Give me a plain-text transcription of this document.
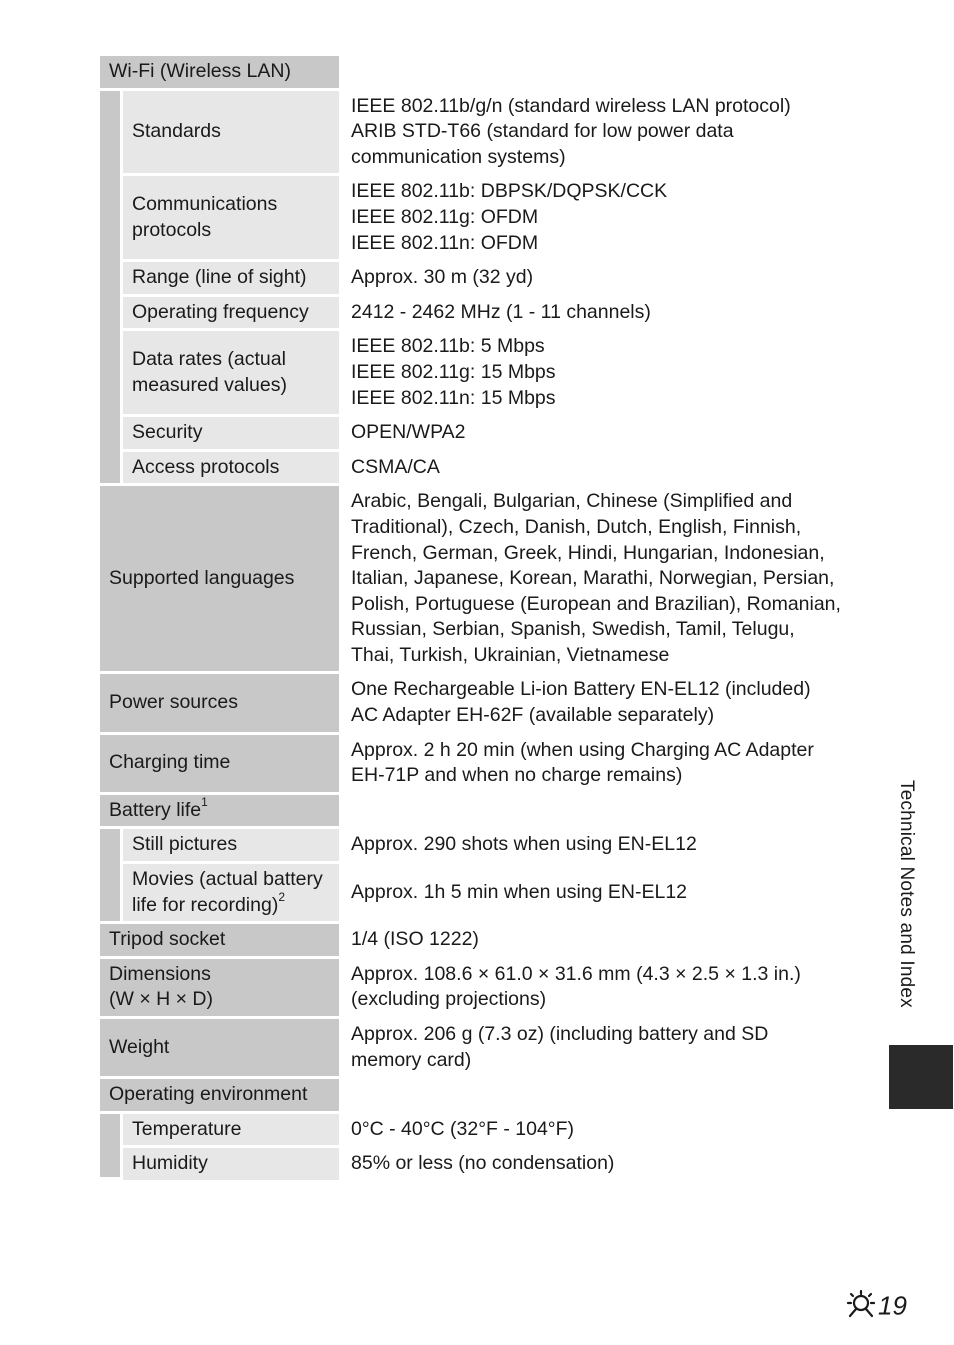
Wi-Fi (Wireless LAN)		
	Standards	IEEE 802.11b/g/n (standard wireless LAN protocol)
ARIB STD-T66 (standard for low power data communication systems)
	Communications protocols	IEEE 802.11b: DBPSK/DQPSK/CCK
IEEE 802.11g: OFDM
IEEE 802.11n: OFDM
	Range (line of sight)	Approx. 30 m (32 yd)
	Operating frequency	2412 - 2462 MHz (1 - 11 channels)
	Data rates (actual measured values)	IEEE 802.11b: 5 Mbps
IEEE 802.11g: 15 Mbps
IEEE 802.11n: 15 Mbps
	Security	OPEN/WPA2
	Access protocols	CSMA/CA
Supported languages		Arabic, Bengali, Bulgarian, Chinese (Simplified and Traditional), Czech, Danish, Dutch, English, Finnish, French, German, Greek, Hindi, Hungarian, Indonesian, Italian, Japanese, Korean, Marathi, Norwegian, Persian, Polish, Portuguese (European and Brazilian), Romanian, Russian, Serbian, Spanish, Swedish, Tamil, Telugu, Thai, Turkish, Ukrainian, Vietnamese
Power sources		One Rechargeable Li-ion Battery EN-EL12 (included)
AC Adapter EH-62F (available separately)
Charging time		Approx. 2 h 20 min (when using Charging AC Adapter EH-71P and when no charge remains)
Battery life$^1$	
	Still pictures	Approx. 290 shots when using EN-EL12
	Movies (actual battery life for recording)$^2$	Approx. 1h 5 min when using EN-EL12
Tripod socket		1/4 (ISO 1222)
Dimensions
(W × H × D)		Approx. 108.6 × 61.0 × 31.6 mm (4.3 × 2.5 × 1.3 in.)
(excluding projections)
Weight		Approx. 206 g (7.3 oz) (including battery and SD memory card)
Operating environment		
	Temperature	0°C - 40°C (32°F - 104°F)
	Humidity	85% or less (no condensation)
Technical Notes and Index
19
